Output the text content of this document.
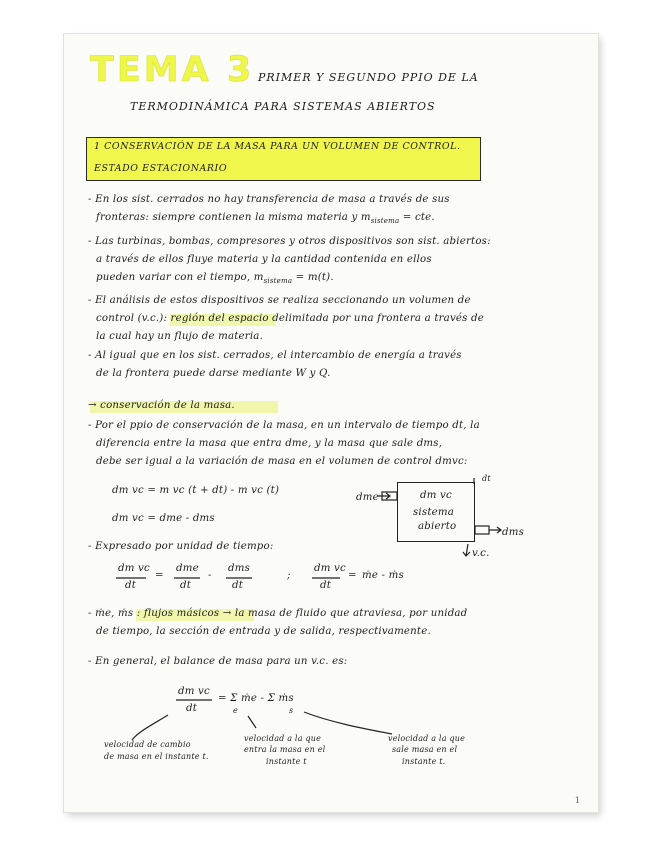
TEMA 3 PRIMER Y SEGUNDO PPIO DE LA
TERMODINÁMICA PARA SISTEMAS ABIERTOS
1 CONSERVACIÓN DE LA MASA PARA UN VOLUMEN DE CONTROL.
ESTADO ESTACIONARIO
- En los sist. cerrados no hay transferencia de masa a través de sus
fronteras: siempre contienen la misma materia y $m_{sistema}$ = cte.
- Las turbinas, bombas, compresores y otros dispositivos son sist. abiertos:
a través de ellos fluye materia y la cantidad contenida en ellos
pueden variar con el tiempo, $m_{sistema} = m(t)$.
- El análisis de estos dispositivos se realiza seccionando un volumen de
control (v.c.): región del espacio delimitada por una frontera a través de
la cual hay un flujo de materia.
- Al igual que en los sist. cerrados, el intercambio de energía a través
de la frontera puede darse mediante W y Q.
→ conservación de la masa.
- Por el ppio de conservación de la masa, en un intervalo de tiempo dt, la
diferencia entre la masa que entra dme, y la masa que sale dms,
debe ser igual a la variación de masa en el volumen de control dmvc:
dm vc = m vc (t + dt) - m vc (t)
dm vc = dme - dms
dt
dme	dm vc
sistema
abierto
dms
v.c.
- Expresado por unidad de tiempo:
dm vc
dt
=
dme
dt
-
dms
dt
;
dm vc
dt
= ṁe - ṁs
- ṁe, ṁs : flujos másicos → la masa de fluido que atraviesa, por unidad
de tiempo, la sección de entrada y de salida, respectivamente.
- En general, el balance de masa para un v.c. es:
dm vc
dt
= Σ ṁe - Σ ṁs
e	s
velocidad de cambio
de masa en el instante t.
velocidad a la que
entra la masa en el
instante t
velocidad a la que
sale masa en el
instante t.
1
